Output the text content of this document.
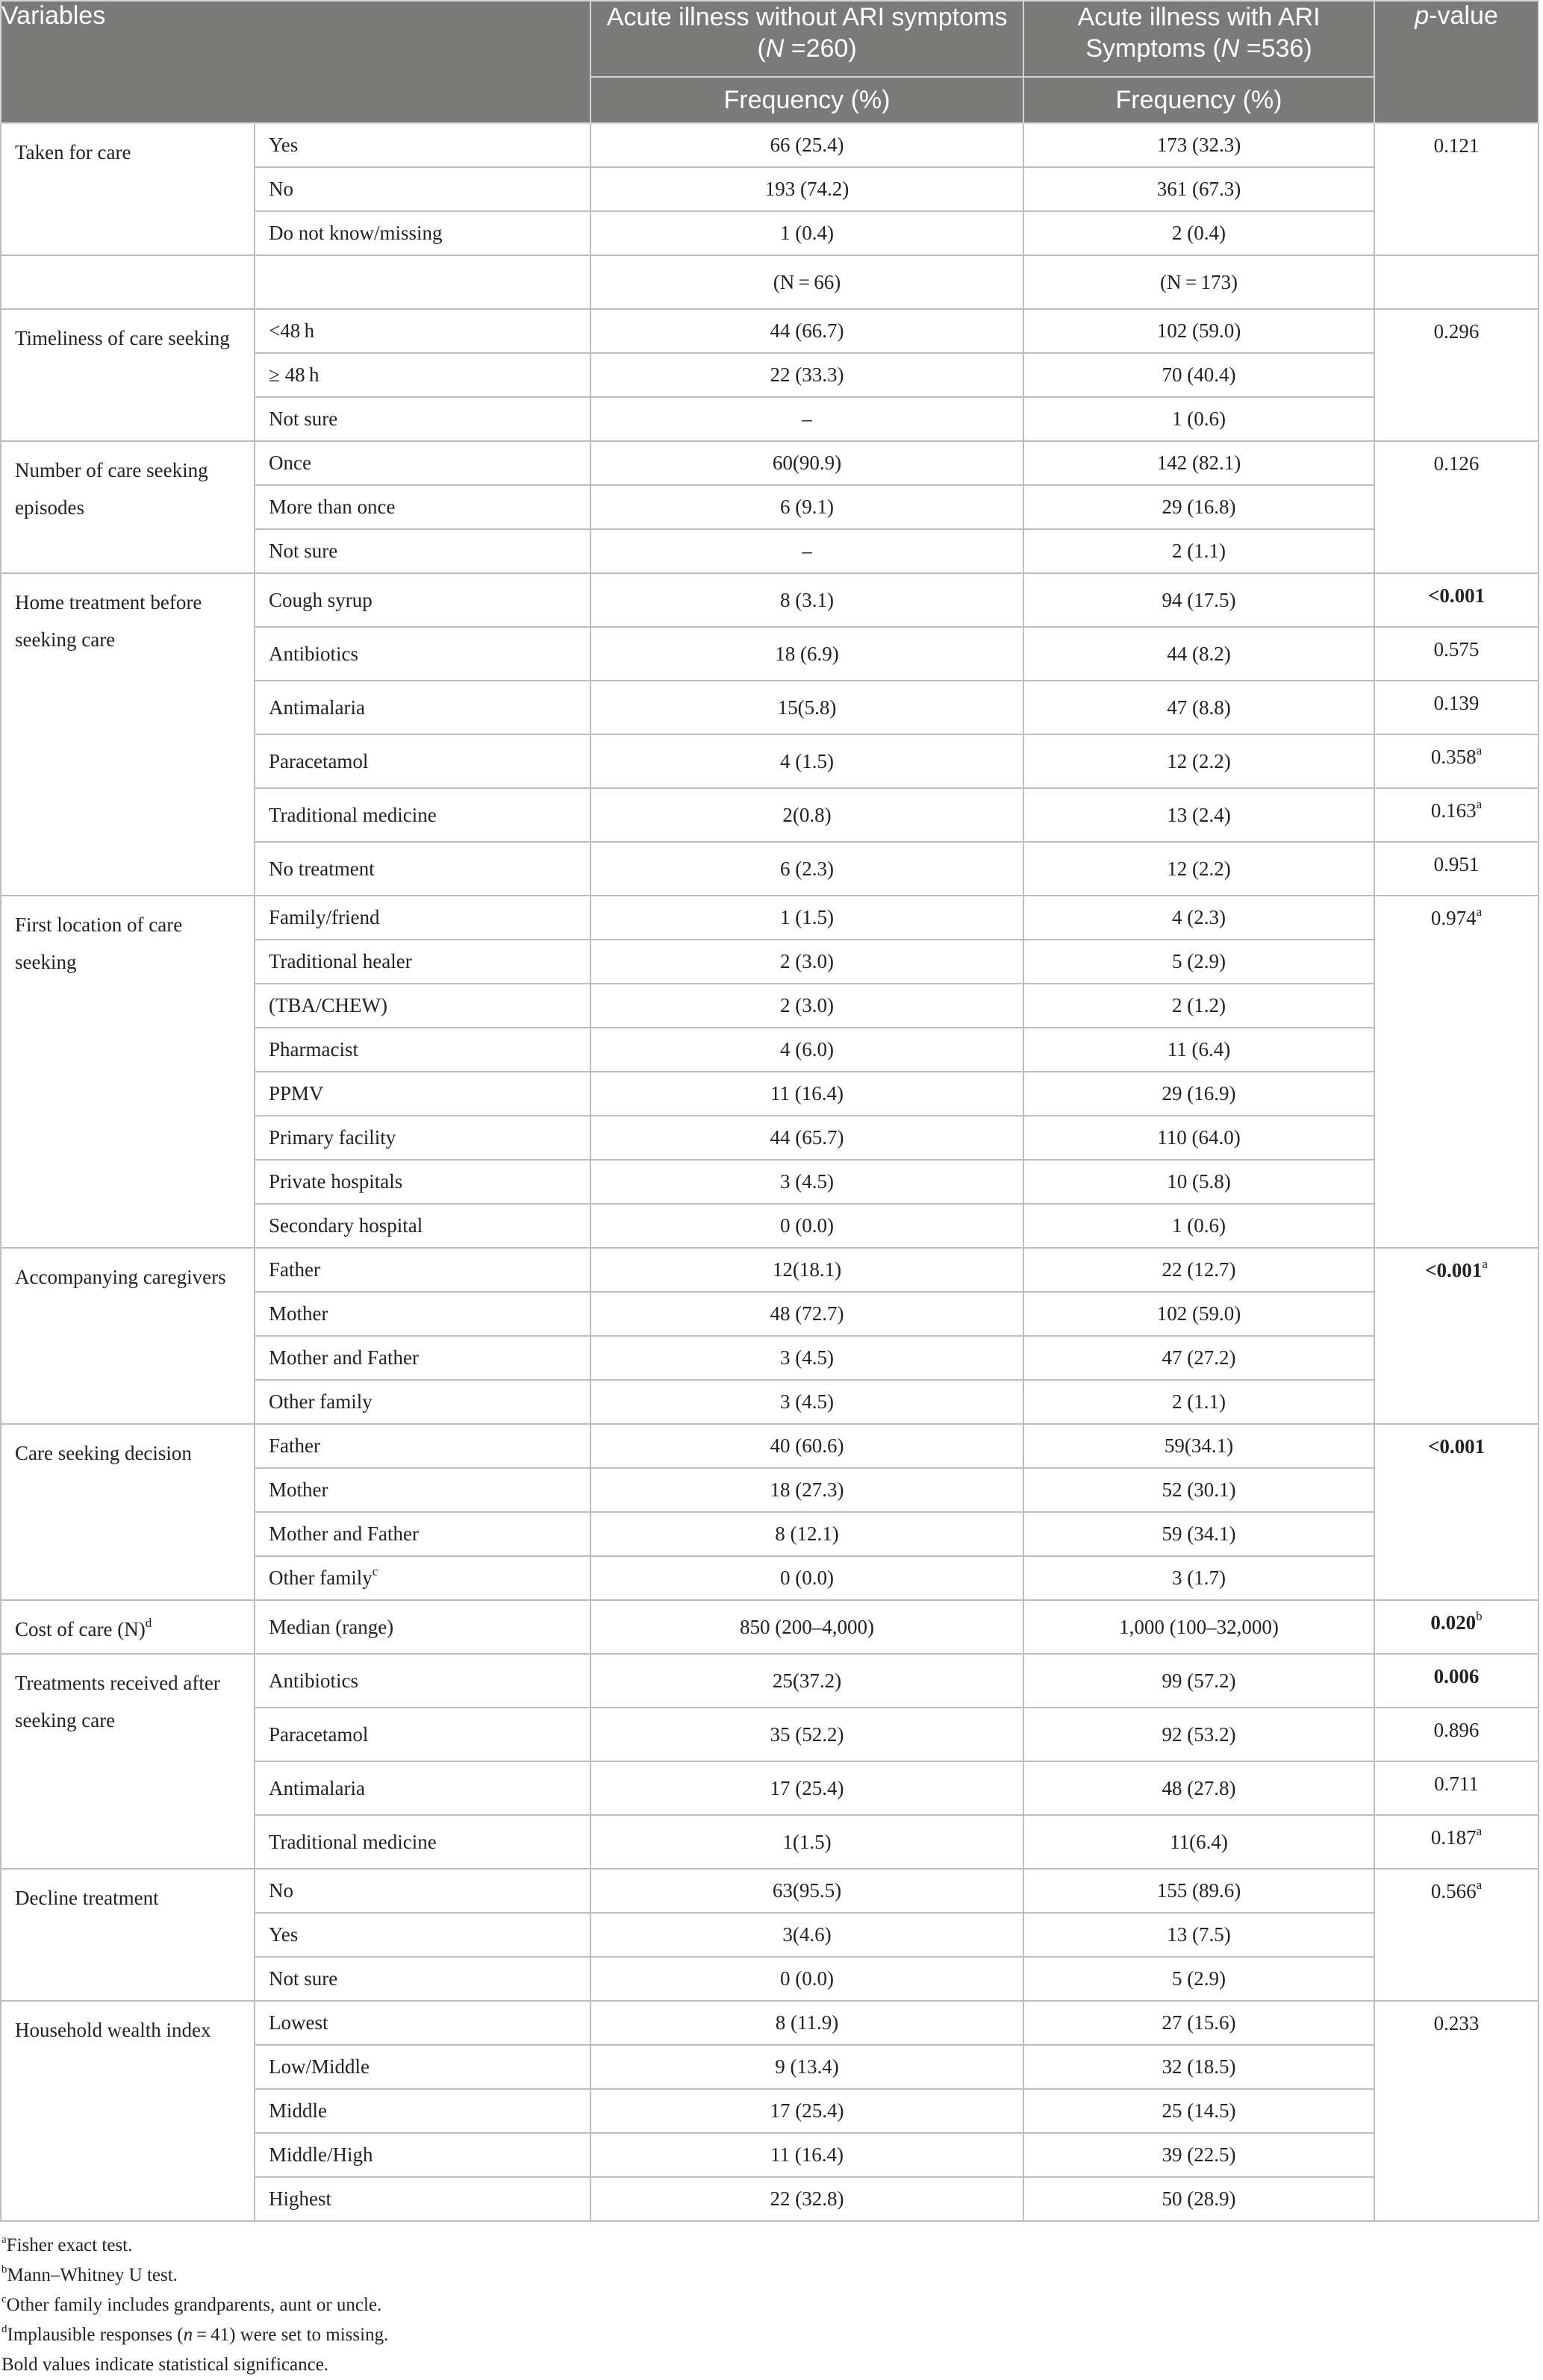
Variables		Acute illness without ARI symptoms (N =260)	Acute illness with ARI Symptoms (N =536)	p-value
		Frequency (%)	Frequency (%)	
Taken for care	Yes	66 (25.4)	173 (32.3)	0.121
	No	193 (74.2)	361 (67.3)	
	Do not know/missing	1 (0.4)	2 (0.4)	
		(N = 66)	(N = 173)	
Timeliness of care seeking	<48 h	44 (66.7)	102 (59.0)	0.296
	≥ 48 h	22 (33.3)	70 (40.4)	
	Not sure	–	1 (0.6)	
Number of care seeking episodes	Once	60(90.9)	142 (82.1)	0.126
	More than once	6 (9.1)	29 (16.8)	
	Not sure	–	2 (1.1)	
Home treatment before seeking care	Cough syrup	8 (3.1)	94 (17.5)	<0.001
	Antibiotics	18 (6.9)	44 (8.2)	0.575
	Antimalaria	15(5.8)	47 (8.8)	0.139
	Paracetamol	4 (1.5)	12 (2.2)	0.358$^a$
	Traditional medicine	2(0.8)	13 (2.4)	0.163$^a$
	No treatment	6 (2.3)	12 (2.2)	0.951
First location of care seeking	Family/friend	1 (1.5)	4 (2.3)	0.974$^a$
	Traditional healer	2 (3.0)	5 (2.9)	
	(TBA/CHEW)	2 (3.0)	2 (1.2)	
	Pharmacist	4 (6.0)	11 (6.4)	
	PPMV	11 (16.4)	29 (16.9)	
	Primary facility	44 (65.7)	110 (64.0)	
	Private hospitals	3 (4.5)	10 (5.8)	
	Secondary hospital	0 (0.0)	1 (0.6)	
Accompanying caregivers	Father	12(18.1)	22 (12.7)	<0.001$^a$
	Mother	48 (72.7)	102 (59.0)	
	Mother and Father	3 (4.5)	47 (27.2)	
	Other family	3 (4.5)	2 (1.1)	
Care seeking decision	Father	40 (60.6)	59(34.1)	<0.001
	Mother	18 (27.3)	52 (30.1)	
	Mother and Father	8 (12.1)	59 (34.1)	
	Other family$^c$	0 (0.0)	3 (1.7)	
Cost of care $(N)^d$	Median (range)	850 (200–4,000)	1,000 (100–32,000)	0.020$^b$
Treatments received after seeking care	Antibiotics	25(37.2)	99 (57.2)	0.006
	Paracetamol	35 (52.2)	92 (53.2)	0.896
	Antimalaria	17 (25.4)	48 (27.8)	0.711
	Traditional medicine	1(1.5)	11(6.4)	0.187$^a$
Decline treatment	No	63(95.5)	155 (89.6)	0.566$^a$
	Yes	3(4.6)	13 (7.5)	
	Not sure	0 (0.0)	5 (2.9)	
Household wealth index	Lowest	8 (11.9)	27 (15.6)	0.233
	Low/Middle	9 (13.4)	32 (18.5)	
	Middle	17 (25.4)	25 (14.5)	
	Middle/High	11 (16.4)	39 (22.5)	
	Highest	22 (32.8)	50 (28.9)	
$^a$Fisher exact test.
$^b$Mann–Whitney U test.
$^c$Other family includes grandparents, aunt or uncle.
$^d$Implausible responses (n = 41) were set to missing.
Bold values indicate statistical significance.
